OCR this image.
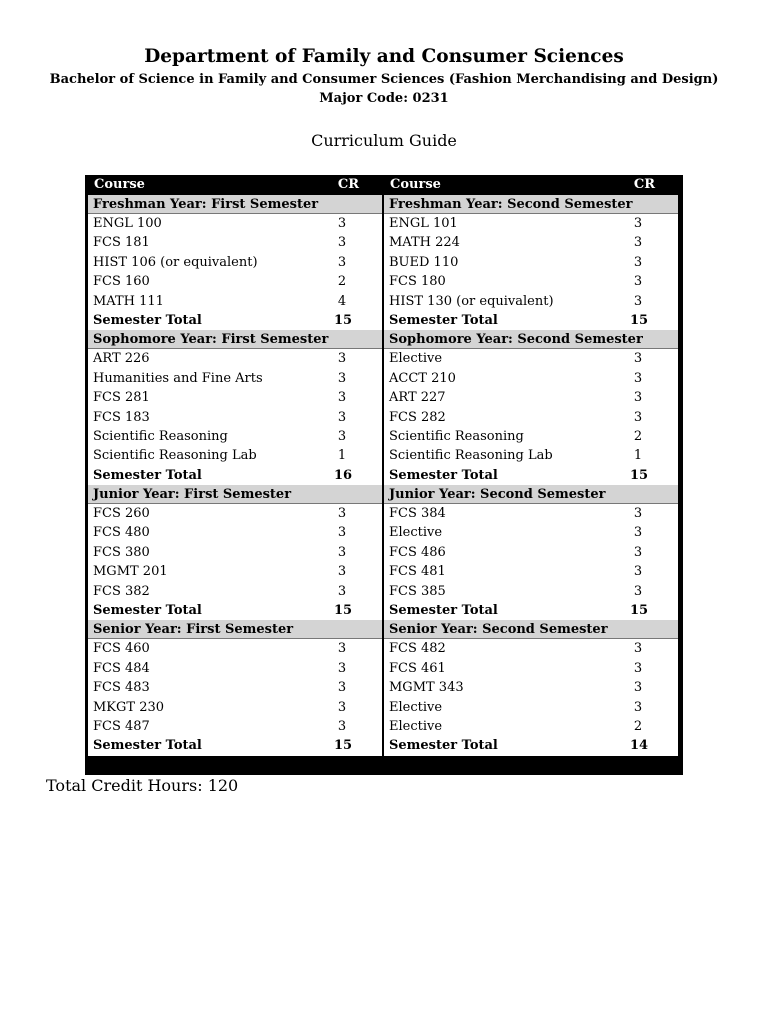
Department of Family and Consumer Sciences
Bachelor of Science in Family and Consumer Sciences (Fashion Merchandising and Design)
Major Code: 0231
Curriculum Guide
Course	CR
Freshman Year: First Semester
ENGL 100	3
FCS 181	3
HIST 106 (or equivalent)	3
FCS 160	2
MATH 111	4
Semester Total	15
Sophomore Year: First Semester
ART 226	3
Humanities and Fine Arts	3
FCS 281	3
FCS 183	3
Scientific Reasoning	3
Scientific Reasoning Lab	1
Semester Total	16
Junior Year: First Semester
FCS 260	3
FCS 480	3
FCS 380	3
MGMT 201	3
FCS 382	3
Semester Total	15
Senior Year: First Semester
FCS 460	3
FCS 484	3
FCS 483	3
MKGT 230	3
FCS 487	3
Semester Total	15
Course	CR
Freshman Year: Second Semester
ENGL 101	3
MATH 224	3
BUED 110	3
FCS 180	3
HIST 130 (or equivalent)	3
Semester Total	15
Sophomore Year: Second Semester
Elective	3
ACCT 210	3
ART 227	3
FCS 282	3
Scientific Reasoning	2
Scientific Reasoning Lab	1
Semester Total	15
Junior Year: Second Semester
FCS 384	3
Elective	3
FCS 486	3
FCS 481	3
FCS 385	3
Semester Total	15
Senior Year: Second Semester
FCS 482	3
FCS 461	3
MGMT 343	3
Elective	3
Elective	2
Semester Total	14
Total Credit Hours: 120
